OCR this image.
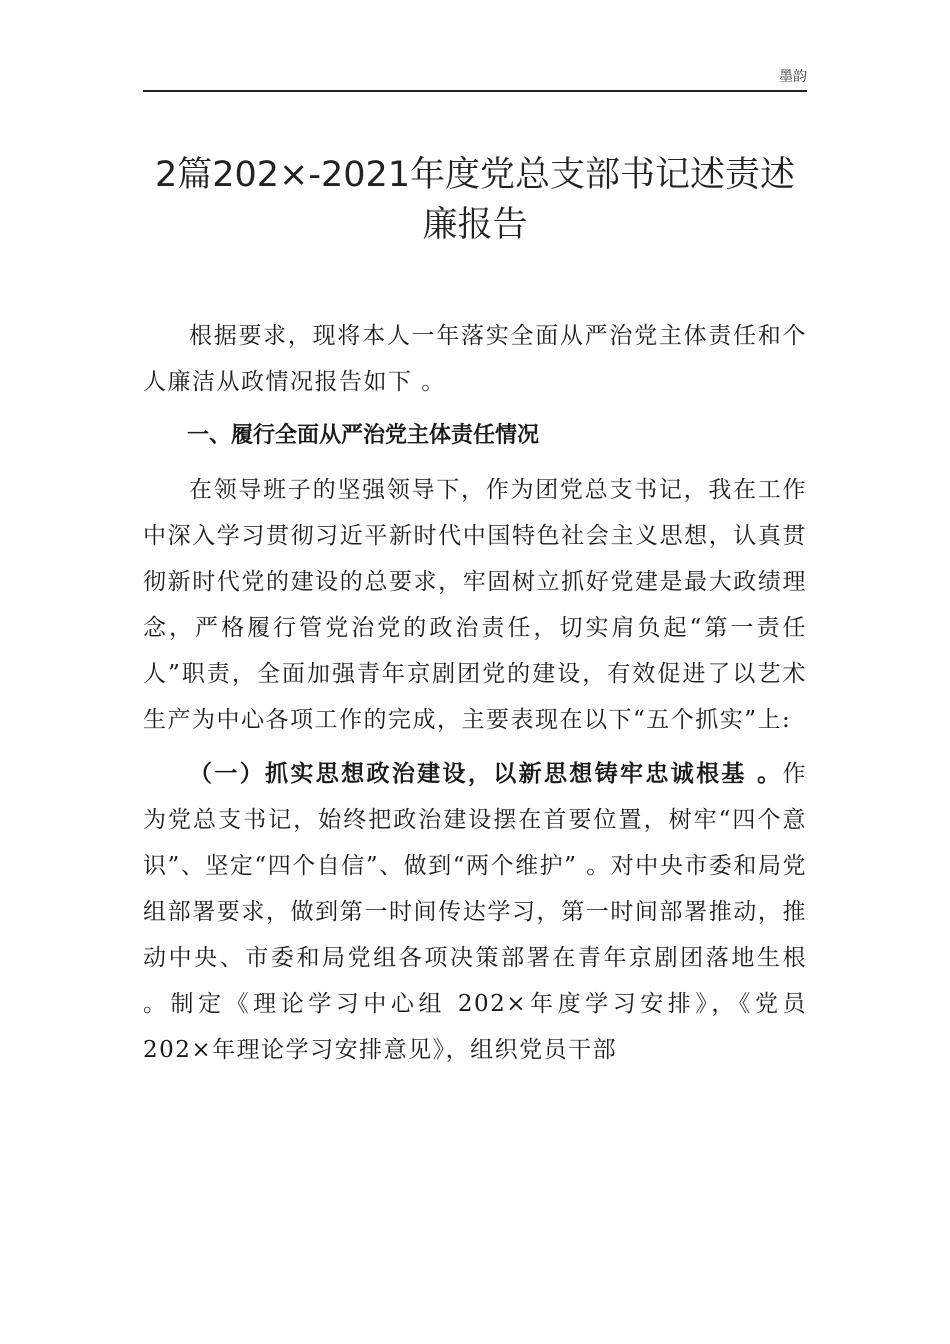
墨韵
2篇202×-2021年度党总支部书记述责述廉报告

根据要求，现将本人一年落实全面从严治党主体责任和个人廉洁从政情况报告如下 。

一、履行全面从严治党主体责任情况

在领导班子的坚强领导下，作为团党总支书记，我在工作中深入学习贯彻习近平新时代中国特色社会主义思想，认真贯彻新时代党的建设的总要求，牢固树立抓好党建是最大政绩理念，严格履行管党治党的政治责任，切实肩负起“第一责任人”职责，全面加强青年京剧团党的建设，有效促进了以艺术生产为中心各项工作的完成，主要表现在以下“五个抓实”上:

（一）抓实思想政治建设，以新思想铸牢忠诚根基 。作为党总支书记，始终把政治建设摆在首要位置，树牢“四个意识”、坚定“四个自信”、做到“两个维护” 。对中央市委和局党组部署要求，做到第一时间传达学习，第一时间部署推动，推动中央、市委和局党组各项决策部署在青年京剧团落地生根 。制定《理论学习中心组 202×年度学习安排》，《党员 202×年理论学习安排意见》，组织党员干部
